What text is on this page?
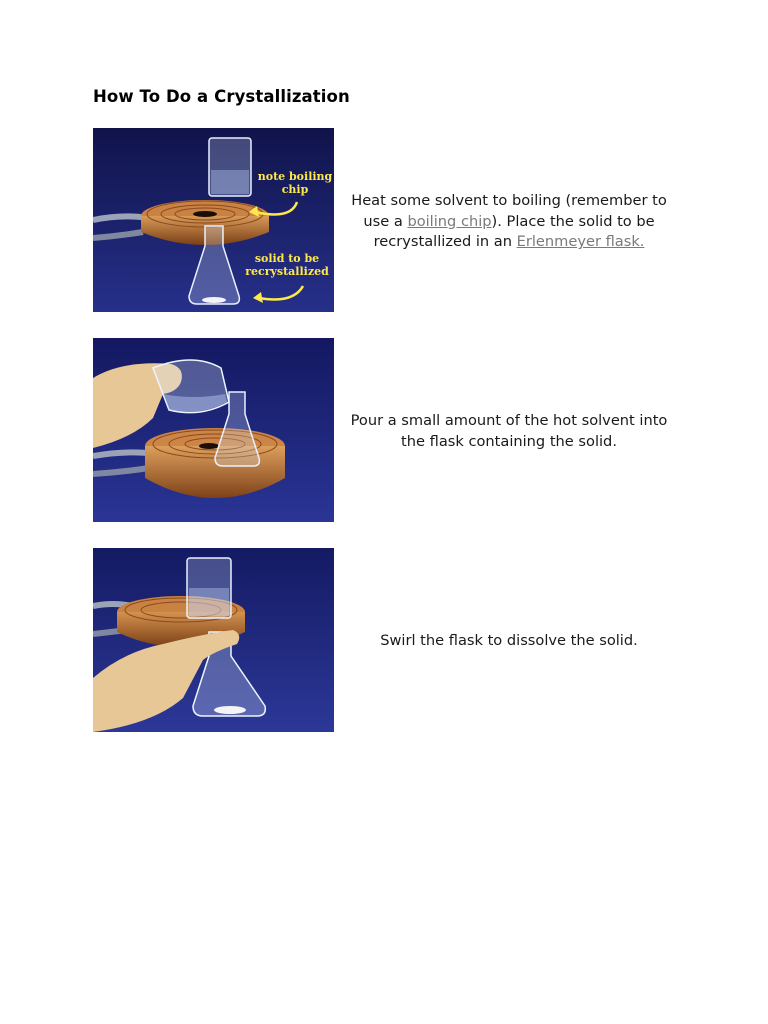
How To Do a Crystallization
note boiling
chip
solid to be
recrystallized
Heat some solvent to boiling (remember to use a boiling chip). Place the solid to be recrystallized in an Erlenmeyer flask.
Pour a small amount of the hot solvent into the flask containing the solid.
Swirl the flask to dissolve the solid.
